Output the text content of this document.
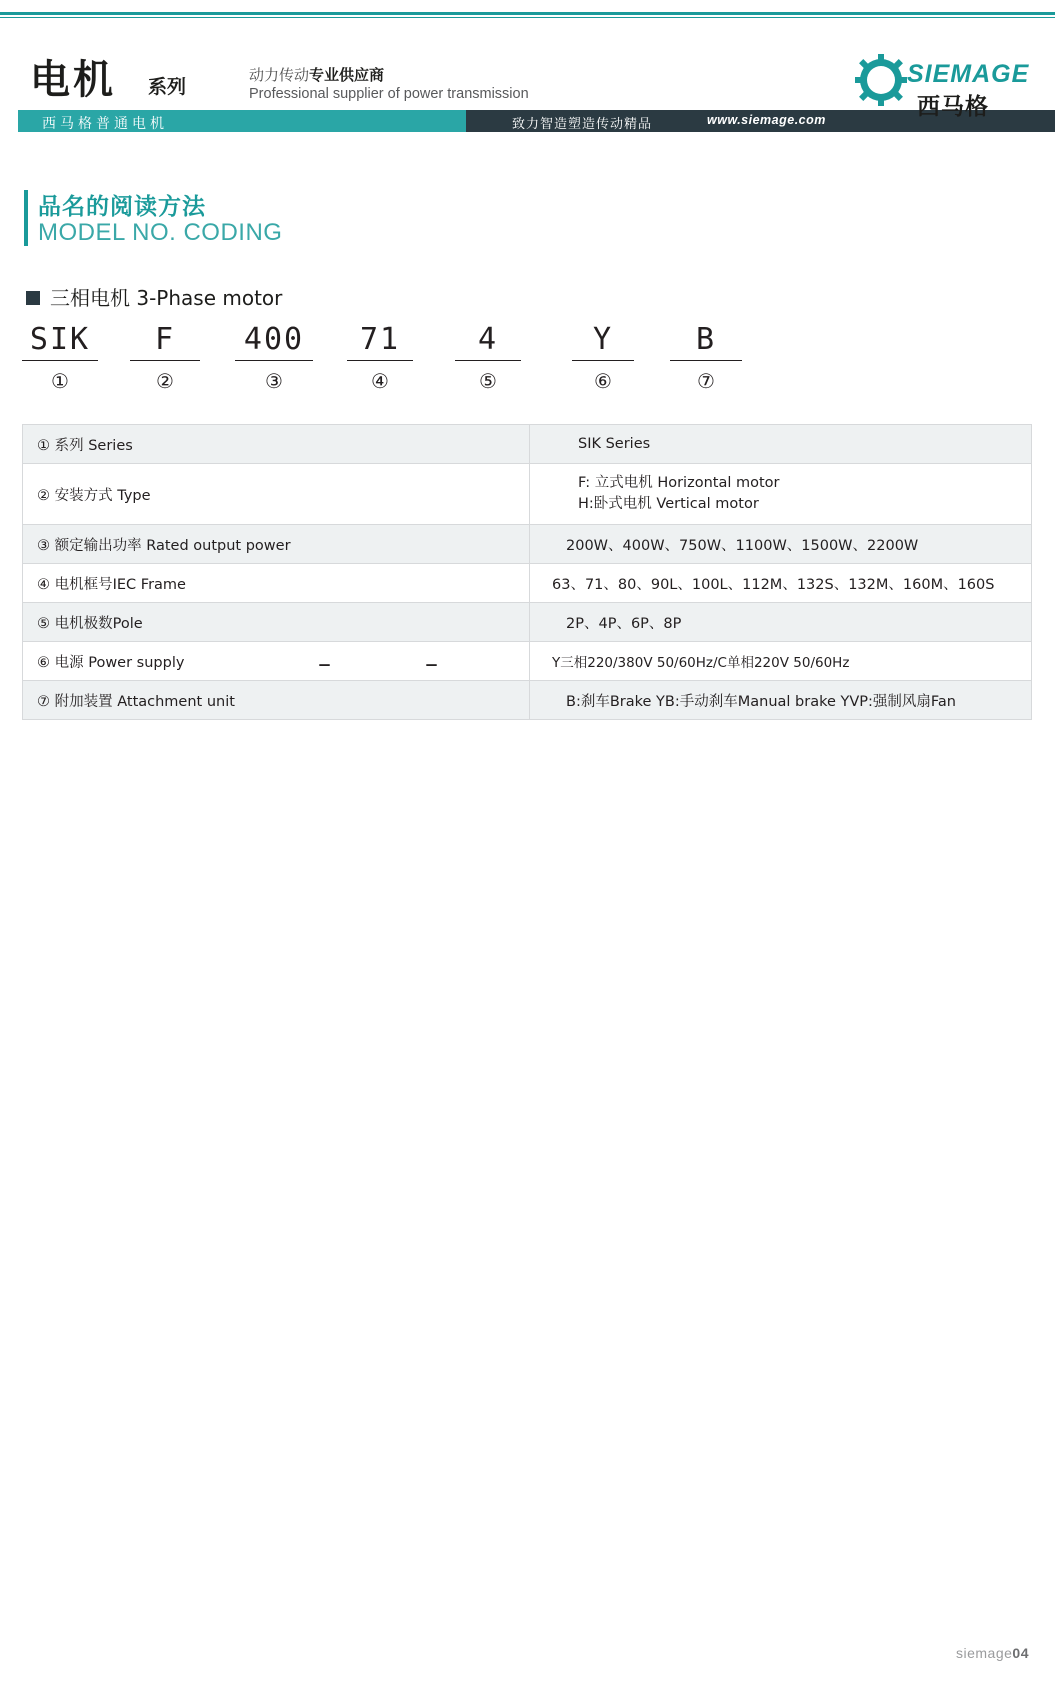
电机 系列
西马格普通电机
动力传动专业供应商
Professional supplier of power transmission
致力智造塑造传动精品	www.siemage.com
SIEMAGE
西马格
品名的阅读方法
MODEL NO. CODING
三相电机 3-Phase motor
SIK
①
F
②
400
③
–
71
④
–
4
⑤
Y
⑥
B
⑦
① 系列 Series	SIK Series

② 安装方式 Type	F: 立式电机 Horizontal motor
H:卧式电机 Vertical motor

③ 额定输出功率 Rated output power	200W、400W、750W、1100W、1500W、2200W

④ 电机框号IEC Frame	63、71、80、90L、100L、112M、132S、132M、160M、160S

⑤ 电机极数Pole	2P、4P、6P、8P

⑥ 电源 Power supply	Y三相220/380V 50/60Hz/C单相220V 50/60Hz

⑦ 附加装置 Attachment unit	B:刹车Brake YB:手动刹车Manual brake YVP:强制风扇Fan
siemage04
